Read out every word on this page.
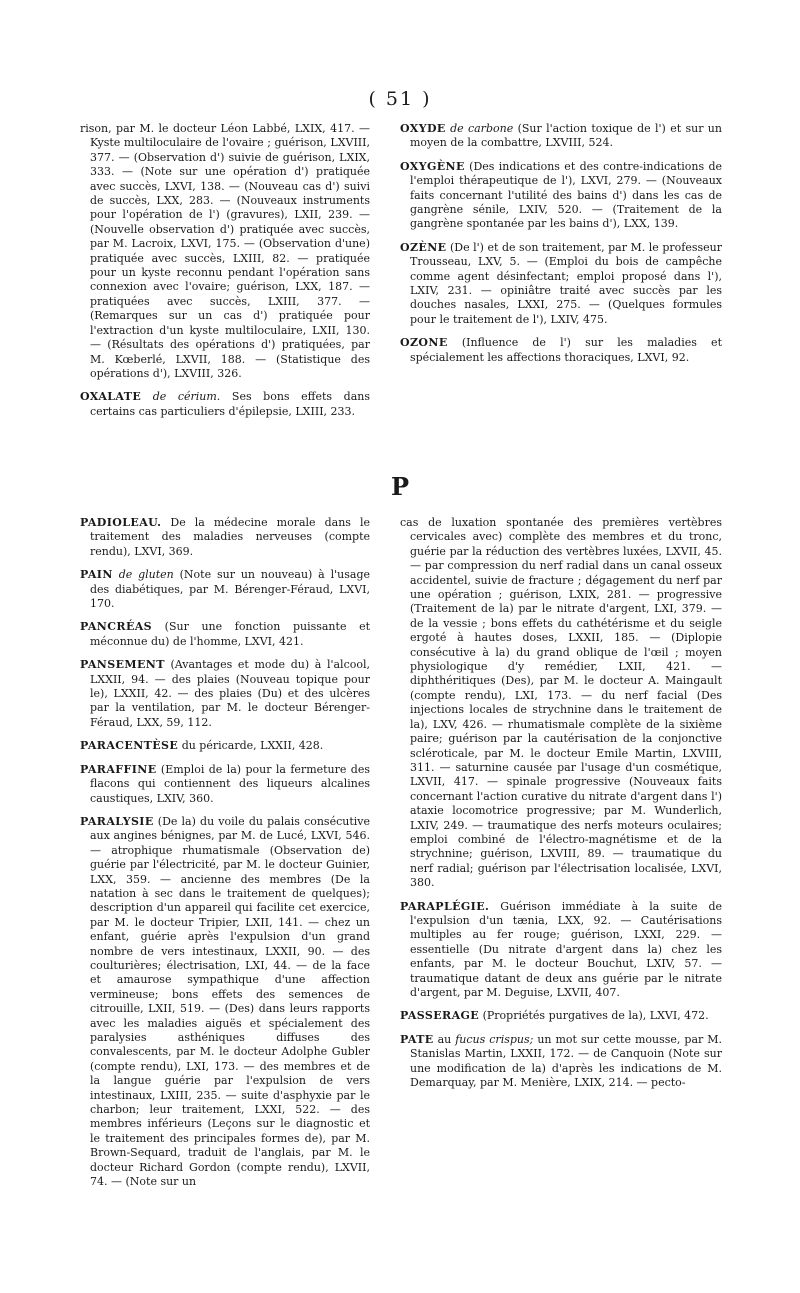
( 51 )

rison, par M. le docteur Léon Labbé, LXIX, 417. — Kyste multiloculaire de l'ovaire ; guérison, LXVIII, 377. — (Observation d') suivie de guérison, LXIX, 333. — (Note sur une opération d') pratiquée avec succès, LXVI, 138. — (Nouveau cas d') suivi de succès, LXX, 283. — (Nouveaux instruments pour l'opération de l') (gravures), LXII, 239. — (Nouvelle observation d') pratiquée avec succès, par M. Lacroix, LXVI, 175. — (Observation d'une) pratiquée avec succès, LXIII, 82. — pratiquée pour un kyste reconnu pendant l'opération sans connexion avec l'ovaire; guérison, LXX, 187. — pratiquées avec succès, LXIII, 377. — (Remarques sur un cas d') pratiquée pour l'extraction d'un kyste multiloculaire, LXII, 130. — (Résultats des opérations d') pratiquées, par M. Kœberlé, LXVII, 188. — (Statistique des opérations d'), LXVIII, 326.

OXALATE de cérium. Ses bons effets dans certains cas particuliers d'épilepsie, LXIII, 233.

OXYDE de carbone (Sur l'action toxique de l') et sur un moyen de la combattre, LXVIII, 524.

OXYGÈNE (Des indications et des contre-indications de l'emploi thérapeutique de l'), LXVI, 279. — (Nouveaux faits concernant l'utilité des bains d') dans les cas de gangrène sénile, LXIV, 520. — (Traitement de la gangrène spontanée par les bains d'), LXX, 139.

OZÈNE (De l') et de son traitement, par M. le professeur Trousseau, LXV, 5. — (Emploi du bois de campêche comme agent désinfectant; emploi proposé dans l'), LXIV, 231. — opiniâtre traité avec succès par les douches nasales, LXXI, 275. — (Quelques formules pour le traitement de l'), LXIV, 475.

OZONE (Influence de l') sur les maladies et spécialement les affections thoraciques, LXVI, 92.

P

PADIOLEAU. De la médecine morale dans le traitement des maladies nerveuses (compte rendu), LXVI, 369.

PAIN de gluten (Note sur un nouveau) à l'usage des diabétiques, par M. Bérenger-Féraud, LXVI, 170.

PANCRÉAS (Sur une fonction puissante et méconnue du) de l'homme, LXVI, 421.

PANSEMENT (Avantages et mode du) à l'alcool, LXXII, 94. — des plaies (Nouveau topique pour le), LXXII, 42. — des plaies (Du) et des ulcères par la ventilation, par M. le docteur Bérenger-Féraud, LXX, 59, 112.

PARACENTÈSE du péricarde, LXXII, 428.

PARAFFINE (Emploi de la) pour la fermeture des flacons qui contiennent des liqueurs alcalines caustiques, LXIV, 360.

PARALYSIE (De la) du voile du palais consécutive aux angines bénignes, par M. de Lucé, LXVI, 546. — atrophique rhumatismale (Observation de) guérie par l'électricité, par M. le docteur Guinier, LXX, 359. — ancienne des membres (De la natation à sec dans le traitement de quelques); description d'un appareil qui facilite cet exercice, par M. le docteur Tripier, LXII, 141. — chez un enfant, guérie après l'expulsion d'un grand nombre de vers intestinaux, LXXII, 90. — des coulturières; électrisation, LXI, 44. — de la face et amaurose sympathique d'une affection vermineuse; bons effets des semences de citrouille, LXII, 519. — (Des) dans leurs rapports avec les maladies aiguës et spécialement des paralysies asthéniques diffuses des convalescents, par M. le docteur Adolphe Gubler (compte rendu), LXI, 173. — des membres et de la langue guérie par l'expulsion de vers intestinaux, LXIII, 235. — suite d'asphyxie par le charbon; leur traitement, LXXI, 522. — des membres inférieurs (Leçons sur le diagnostic et le traitement des principales formes de), par M. Brown-Sequard, traduit de l'anglais, par M. le docteur Richard Gordon (compte rendu), LXVII, 74. — (Note sur un

cas de luxation spontanée des premières vertèbres cervicales avec) complète des membres et du tronc, guérie par la réduction des vertèbres luxées, LXVII, 45. — par compression du nerf radial dans un canal osseux accidentel, suivie de fracture ; dégagement du nerf par une opération ; guérison, LXIX, 281. — progressive (Traitement de la) par le nitrate d'argent, LXI, 379. — de la vessie ; bons effets du cathétérisme et du seigle ergoté à hautes doses, LXXII, 185. — (Diplopie consécutive à la) du grand oblique de l'œil ; moyen physiologique d'y remédier, LXII, 421. — diphthéritiques (Des), par M. le docteur A. Maingault (compte rendu), LXI, 173. — du nerf facial (Des injections locales de strychnine dans le traitement de la), LXV, 426. — rhumatismale complète de la sixième paire; guérison par la cautérisation de la conjonctive scléroticale, par M. le docteur Emile Martin, LXVIII, 311. — saturnine causée par l'usage d'un cosmétique, LXVII, 417. — spinale progressive (Nouveaux faits concernant l'action curative du nitrate d'argent dans l') ataxie locomotrice progressive; par M. Wunderlich, LXIV, 249. — traumatique des nerfs moteurs oculaires; emploi combiné de l'électro-magnétisme et de la strychnine; guérison, LXVIII, 89. — traumatique du nerf radial; guérison par l'électrisation localisée, LXVI, 380.

PARAPLÉGIE. Guérison immédiate à la suite de l'expulsion d'un tænia, LXX, 92. — Cautérisations multiples au fer rouge; guérison, LXXI, 229. — essentielle (Du nitrate d'argent dans la) chez les enfants, par M. le docteur Bouchut, LXIV, 57. — traumatique datant de deux ans guérie par le nitrate d'argent, par M. Deguise, LXVII, 407.

PASSERAGE (Propriétés purgatives de la), LXVI, 472.

PATE au fucus crispus; un mot sur cette mousse, par M. Stanislas Martin, LXXII, 172. — de Canquoin (Note sur une modification de la) d'après les indications de M. Demarquay, par M. Menière, LXIX, 214. — pecto-
